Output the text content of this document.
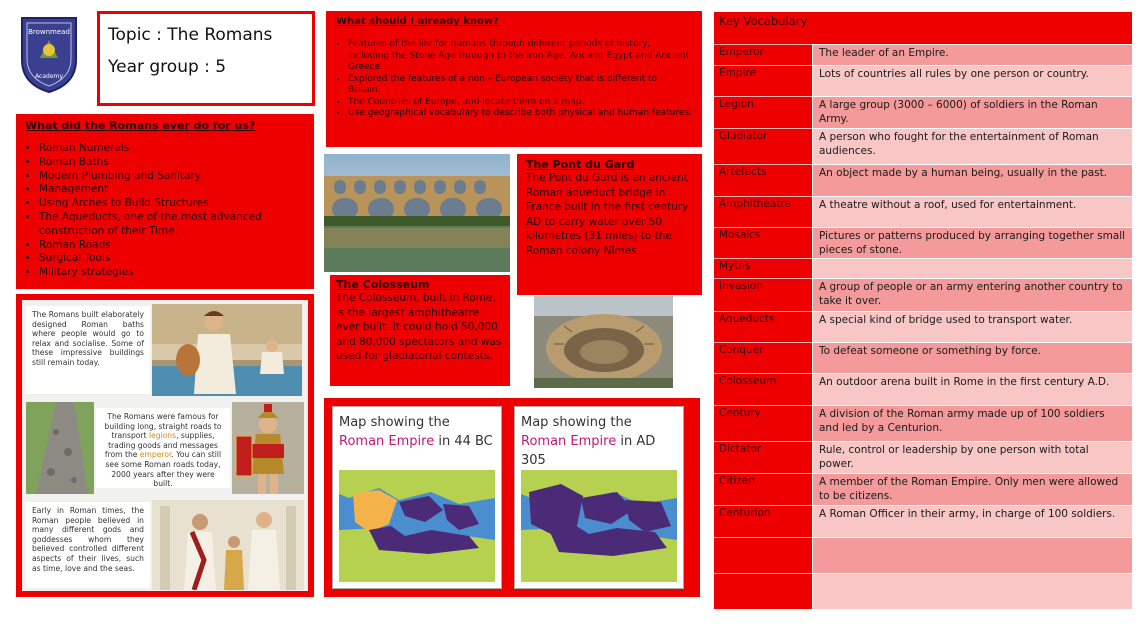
Brownmead
Academy
Topic : The Romans
Year group : 5
What should I already know?
• Features of the life for humans through different periods of history, including the Stone Age through to the Iron Age, Ancient Egypt and Ancient Greece.
• Explored the features of a non – European society that is different to Britain.
• The Countries of Europe, and locate them on a map.
• Use geographical vocabulary to describe both physical and human features.
What did the Romans ever do for us?
• Roman Numerals
• Roman Baths
• Modern Plumbing and Sanitary
• Management
• Using Arches to Build Structures
• The Aqueducts, one of the most advanced construction of their Time.
• Roman Roads
• Surgical Tools
• Military strategies
The Romans built elaborately designed Roman baths where people would go to relax and socialise. Some of these impressive buildings still remain today.
The Romans were famous for building long, straight roads to transport legions, supplies, trading goods and messages from the emperor. You can still see some Roman roads today, 2000 years after they were built.
Early in Roman times, the Roman people believed in many different gods and goddesses whom they believed controlled different aspects of their lives, such as time, love and the seas.
The Pont du Gard
The Pont du Gard is an ancient Roman aqueduct bridge in France built in the first century AD to carry water over 50 kilometres (31 miles) to the Roman colony Nîmes.
The Colosseum
The Colosseum, built in Rome, is the largest amphitheatre ever built. It could hold 50,000 and 80,000 spectators and was used for gladiatorial contests.
Map showing the Roman Empire in 44 BC
Map showing the Roman Empire in AD 305
Key Vocabulary
Emperor	The leader of an Empire.
Empire	Lots of countries all rules by one person or country.
Legion	A large group (3000 – 6000) of soldiers in the Roman Army.
Gladiator	A person who fought for the entertainment of Roman audiences.
Artefacts	An object made by a human being, usually in the past.
Amphitheatre	A theatre without a roof, used for entertainment.
Mosaics	Pictures or patterns produced by arranging together small pieces of stone.
Myths
Invasion	A group of people or an army entering another country to take it over.
Aqueducts	A special kind of bridge used to transport water.
Conquer	To defeat someone or something by force.
Colosseum	An outdoor arena built in Rome in the first century A.D.
Century	A division of the Roman army made up of 100 soldiers and led by a Centurion.
Dictator	Rule, control or leadership by one person with total power.
Citizen	A member of the Roman Empire. Only men were allowed to be citizens.
Centurion	A Roman Officer in their army, in charge of 100 soldiers.
